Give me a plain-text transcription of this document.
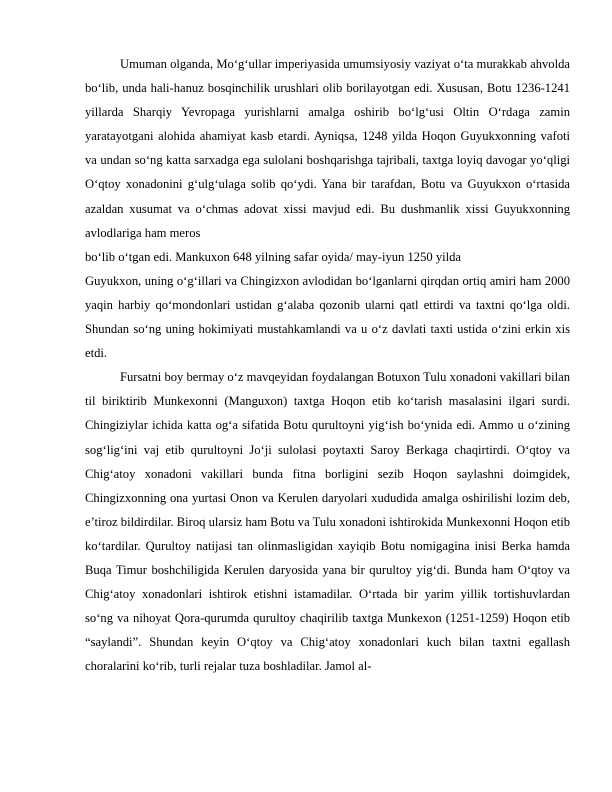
Umuman olganda, Mo‘g‘ullar imperiyasida umumsiyosiy vaziyat o‘ta murakkab ahvolda bo‘lib, unda hali-hanuz bosqinchilik urushlari olib borilayotgan edi. Xususan, Botu 1236-1241 yillarda Sharqiy Yevropaga yurishlarni amalga oshirib bo‘lg‘usi Oltin O‘rdaga zamin yaratayotgani alohida ahamiyat kasb etardi. Ayniqsa, 1248 yilda Hoqon Guyukxonning vafoti va undan so‘ng katta sarxadga ega sulolani boshqarishga tajribali, taxtga loyiq davogar yo‘qligi O‘qtoy xonadonini g‘ulg‘ulaga solib qo‘ydi. Yana bir tarafdan, Botu va Guyukxon o‘rtasida azaldan xusumat va o‘chmas adovat xissi mavjud edi. Bu dushmanlik xissi Guyukxonning avlodlariga ham meros

bo‘lib o‘tgan edi. Mankuxon 648 yilning safar oyida/ may-iyun 1250 yilda

Guyukxon, uning o‘g‘illari va Chingizxon avlodidan bo‘lganlarni qirqdan ortiq amiri ham 2000 yaqin harbiy qo‘mondonlari ustidan g‘alaba qozonib ularni qatl ettirdi va taxtni qo‘lga oldi. Shundan so‘ng uning hokimiyati mustahkamlandi va u o‘z davlati taxti ustida o‘zini erkin xis etdi.

Fursatni boy bermay o‘z mavqeyidan foydalangan Botuxon Tulu xonadoni vakillari bilan til biriktirib Munkexonni (Manguxon) taxtga Hoqon etib ko‘tarish masalasini ilgari surdi. Chingiziylar ichida katta og‘a sifatida Botu qurultoyni yig‘ish bo‘ynida edi. Ammo u o‘zining sog‘lig‘ini vaj etib qurultoyni Jo‘ji sulolasi poytaxti Saroy Berkaga chaqirtirdi. O‘qtoy va Chig‘atoy xonadoni vakillari bunda fitna borligini sezib Hoqon saylashni doimgidek, Chingizxonning ona yurtasi Onon va Kerulen daryolari xududida amalga oshirilishi lozim deb, e’tiroz bildirdilar. Biroq ularsiz ham Botu va Tulu xonadoni ishtirokida Munkexonni Hoqon etib ko‘tardilar. Qurultoy natijasi tan olinmasligidan xayiqib Botu nomigagina inisi Berka hamda Buqa Timur boshchiligida Kerulen daryosida yana bir qurultoy yig‘di. Bunda ham O‘qtoy va Chig‘atoy xonadonlari ishtirok etishni istamadilar. O‘rtada bir yarim yillik tortishuvlardan so‘ng va nihoyat Qora-qurumda qurultoy chaqirilib taxtga Munkexon (1251-1259) Hoqon etib “saylandi”. Shundan keyin O‘qtoy va Chig‘atoy xonadonlari kuch bilan taxtni egallash choralarini ko‘rib, turli rejalar tuza boshladilar. Jamol al-
